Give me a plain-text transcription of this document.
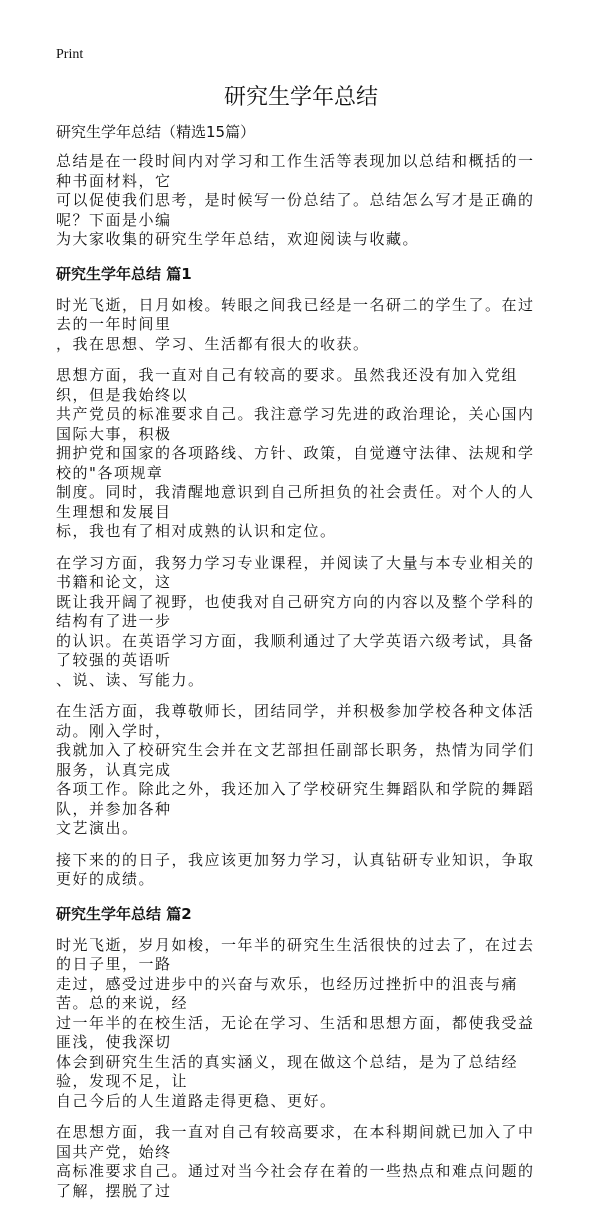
Print
研究生学年总结
研究生学年总结（精选15篇）

总结是在一段时间内对学习和工作生活等表现加以总结和概括的一种书面材料，它
可以促使我们思考，是时候写一份总结了。总结怎么写才是正确的呢？下面是小编
为大家收集的研究生学年总结，欢迎阅读与收藏。

研究生学年总结 篇1

时光飞逝，日月如梭。转眼之间我已经是一名研二的学生了。在过去的一年时间里
，我在思想、学习、生活都有很大的收获。

思想方面，我一直对自己有较高的要求。虽然我还没有加入党组织，但是我始终以
共产党员的标准要求自己。我注意学习先进的政治理论，关心国内国际大事，积极
拥护党和国家的各项路线、方针、政策，自觉遵守法律、法规和学校的"各项规章
制度。同时，我清醒地意识到自己所担负的社会责任。对个人的人生理想和发展目
标，我也有了相对成熟的认识和定位。

在学习方面，我努力学习专业课程，并阅读了大量与本专业相关的书籍和论文，这
既让我开阔了视野，也使我对自己研究方向的内容以及整个学科的结构有了进一步
的认识。在英语学习方面，我顺利通过了大学英语六级考试，具备了较强的英语听
、说、读、写能力。

在生活方面，我尊敬师长，团结同学，并积极参加学校各种文体活动。刚入学时，
我就加入了校研究生会并在文艺部担任副部长职务，热情为同学们服务，认真完成
各项工作。除此之外，我还加入了学校研究生舞蹈队和学院的舞蹈队，并参加各种
文艺演出。

接下来的的日子，我应该更加努力学习，认真钻研专业知识，争取更好的成绩。

研究生学年总结 篇2

时光飞逝，岁月如梭，一年半的研究生生活很快的过去了，在过去的日子里，一路
走过，感受过进步中的兴奋与欢乐，也经历过挫折中的沮丧与痛苦。总的来说，经
过一年半的在校生活，无论在学习、生活和思想方面，都使我受益匪浅，使我深切
体会到研究生生活的真实涵义，现在做这个总结，是为了总结经验，发现不足，让
自己今后的人生道路走得更稳、更好。

在思想方面，我一直对自己有较高要求，在本科期间就已加入了中国共产党，始终
高标准要求自己。通过对当今社会存在着的一些热点和难点问题的了解，摆脱了过
